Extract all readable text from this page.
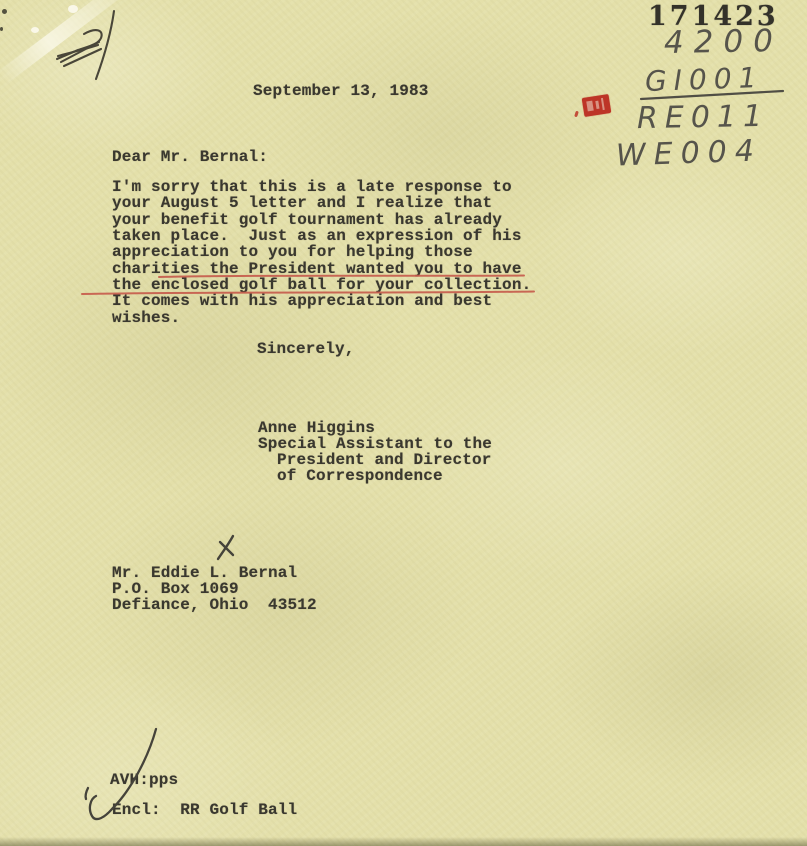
171423
4200
GI001
RE011
WE004
September 13, 1983
Dear Mr. Bernal:
I'm sorry that this is a late response to
your August 5 letter and I realize that
your benefit golf tournament has already
taken place.  Just as an expression of his
appreciation to you for helping those
charities the President wanted you to have
the enclosed golf ball for your collection.
It comes with his appreciation and best
wishes.
Sincerely,
Anne Higgins
Special Assistant to the
President and Director
of Correspondence
Mr. Eddie L. Bernal
P.O. Box 1069
Defiance, Ohio  43512
AVH:pps
Encl:  RR Golf Ball
